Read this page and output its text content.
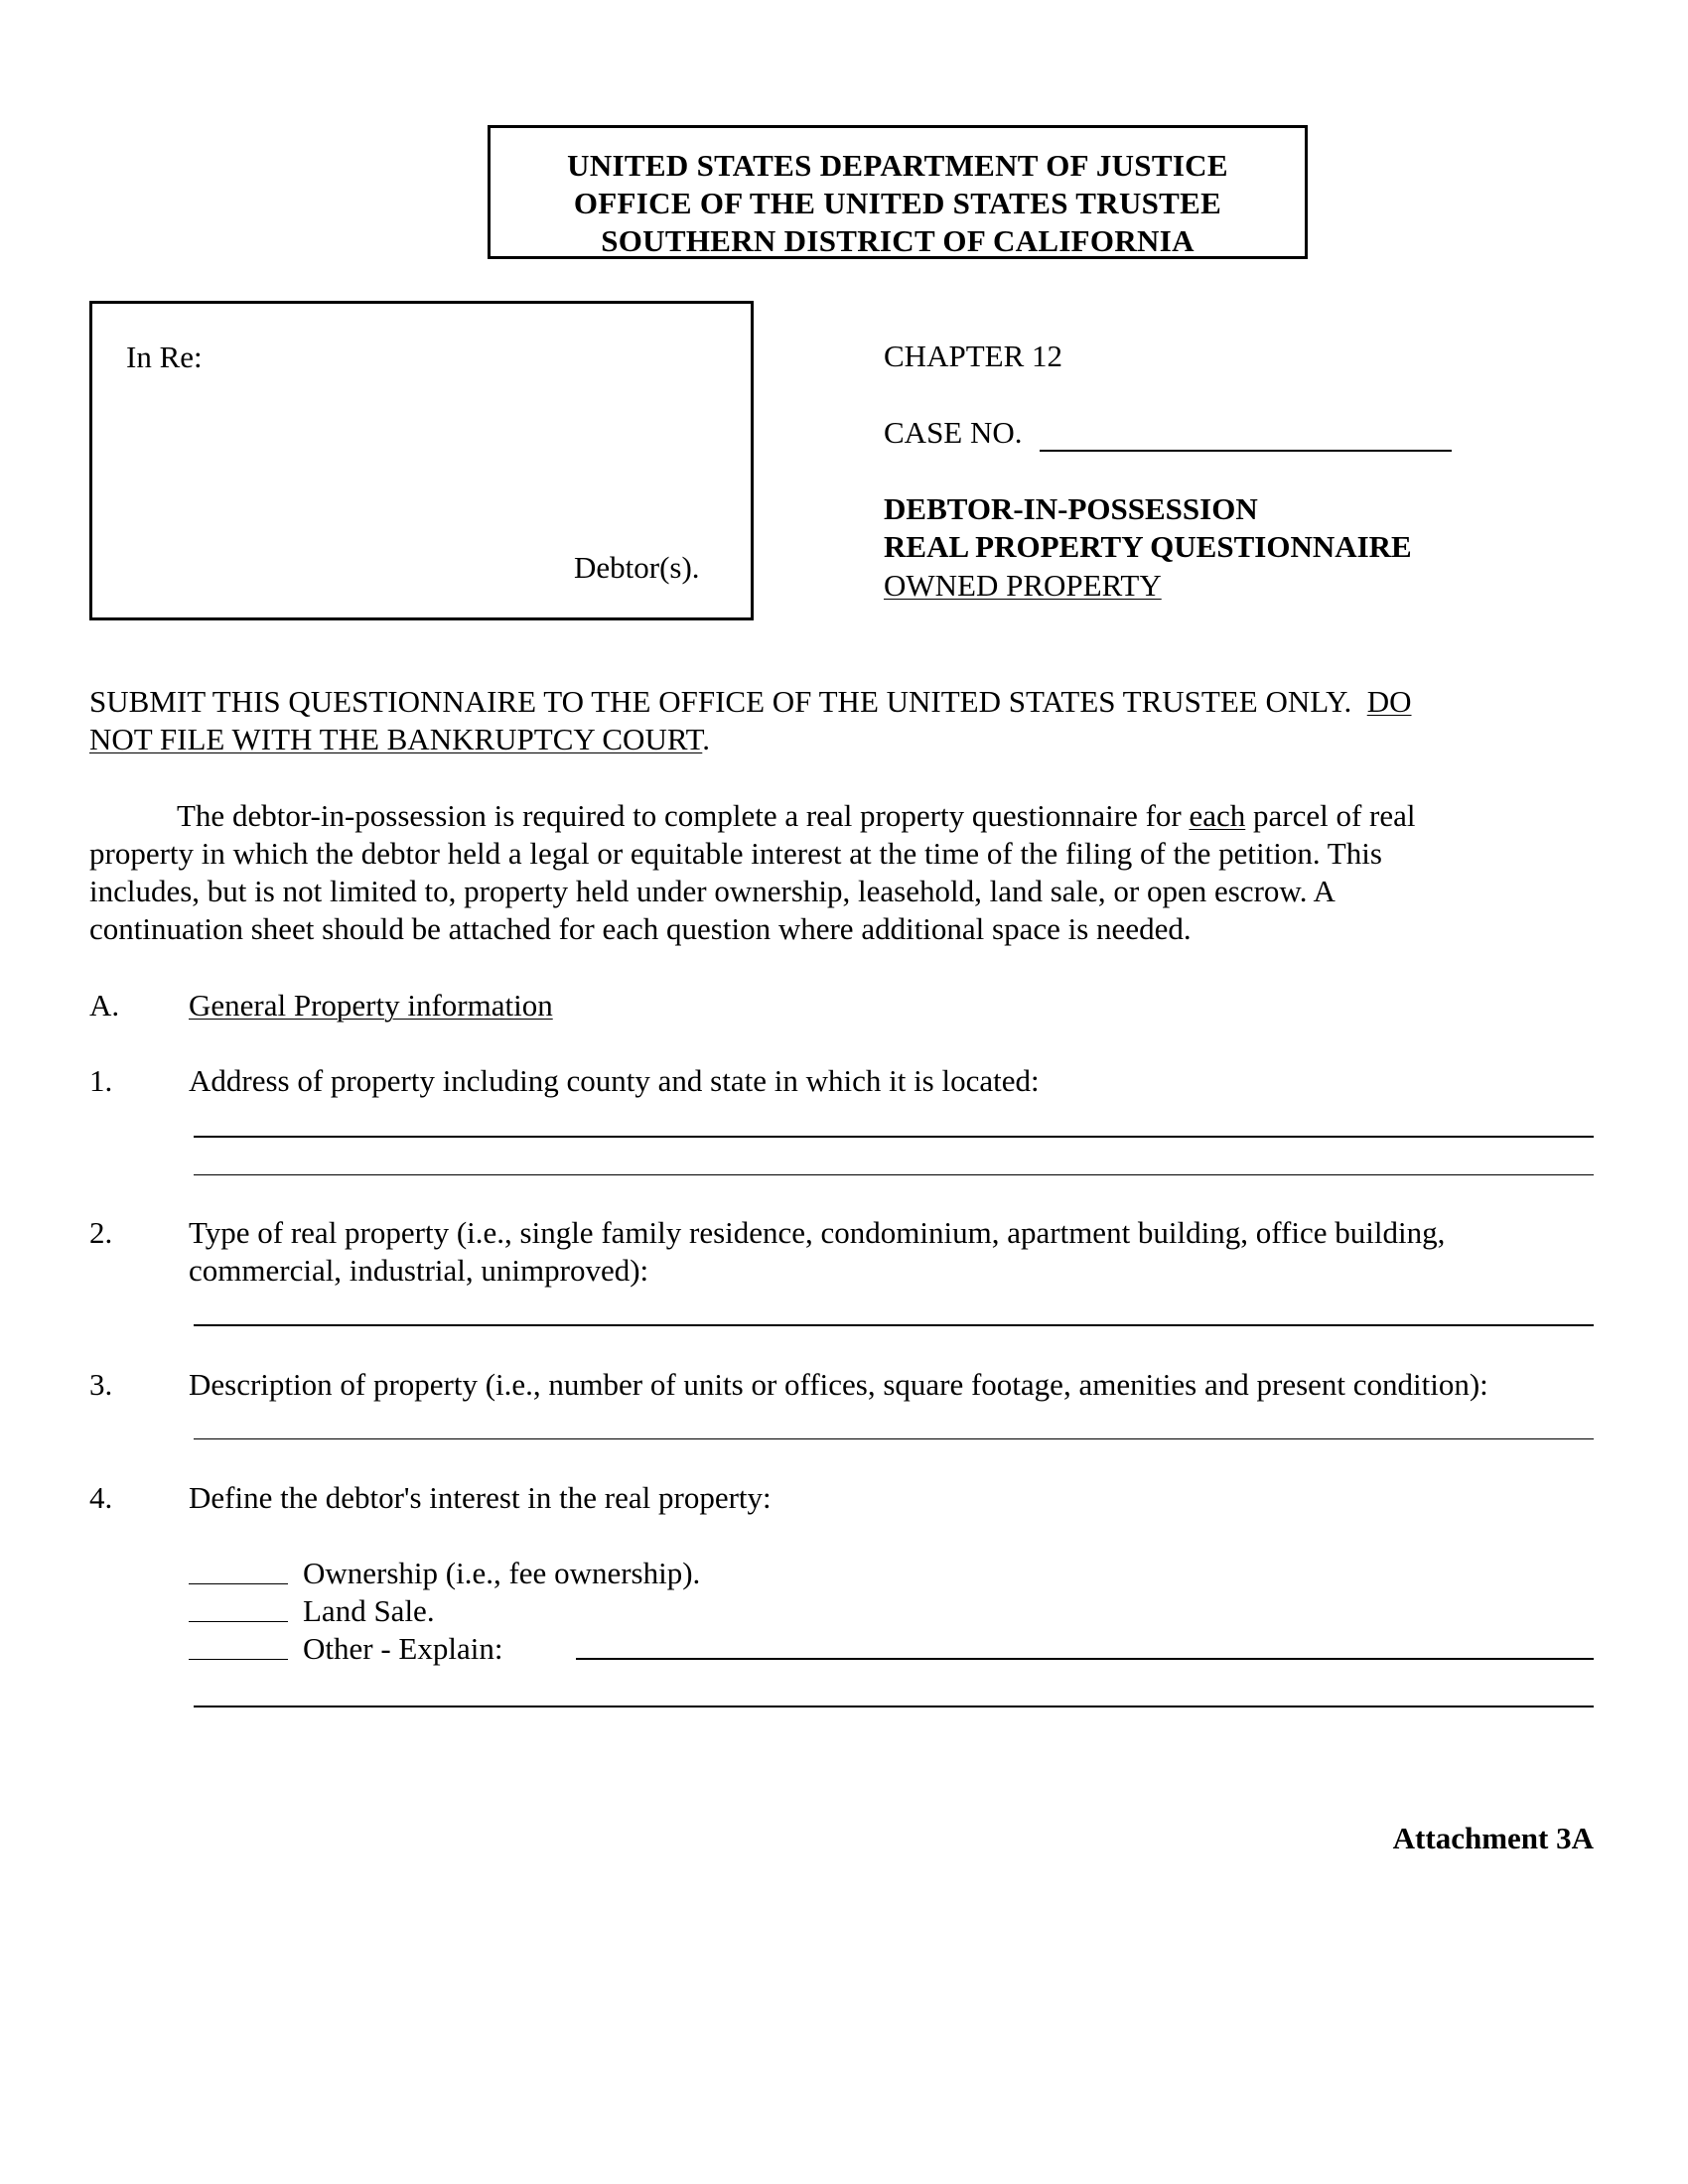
UNITED STATES DEPARTMENT OF JUSTICE
OFFICE OF THE UNITED STATES TRUSTEE
SOUTHERN DISTRICT OF CALIFORNIA
In Re:
Debtor(s).
CHAPTER 12
CASE NO.
DEBTOR-IN-POSSESSION
REAL PROPERTY QUESTIONNAIRE
OWNED PROPERTY
SUBMIT THIS QUESTIONNAIRE TO THE OFFICE OF THE UNITED STATES TRUSTEE ONLY. DO
NOT FILE WITH THE BANKRUPTCY COURT.
The debtor-in-possession is required to complete a real property questionnaire for each parcel of real
property in which the debtor held a legal or equitable interest at the time of the filing of the petition. This
includes, but is not limited to, property held under ownership, leasehold, land sale, or open escrow. A
continuation sheet should be attached for each question where additional space is needed.
A. General Property information
1. Address of property including county and state in which it is located:
2. Type of real property (i.e., single family residence, condominium, apartment building, office building,
commercial, industrial, unimproved):
3. Description of property (i.e., number of units or offices, square footage, amenities and present condition):
4. Define the debtor's interest in the real property:
Ownership (i.e., fee ownership).
Land Sale.
Other - Explain:
Attachment 3A
